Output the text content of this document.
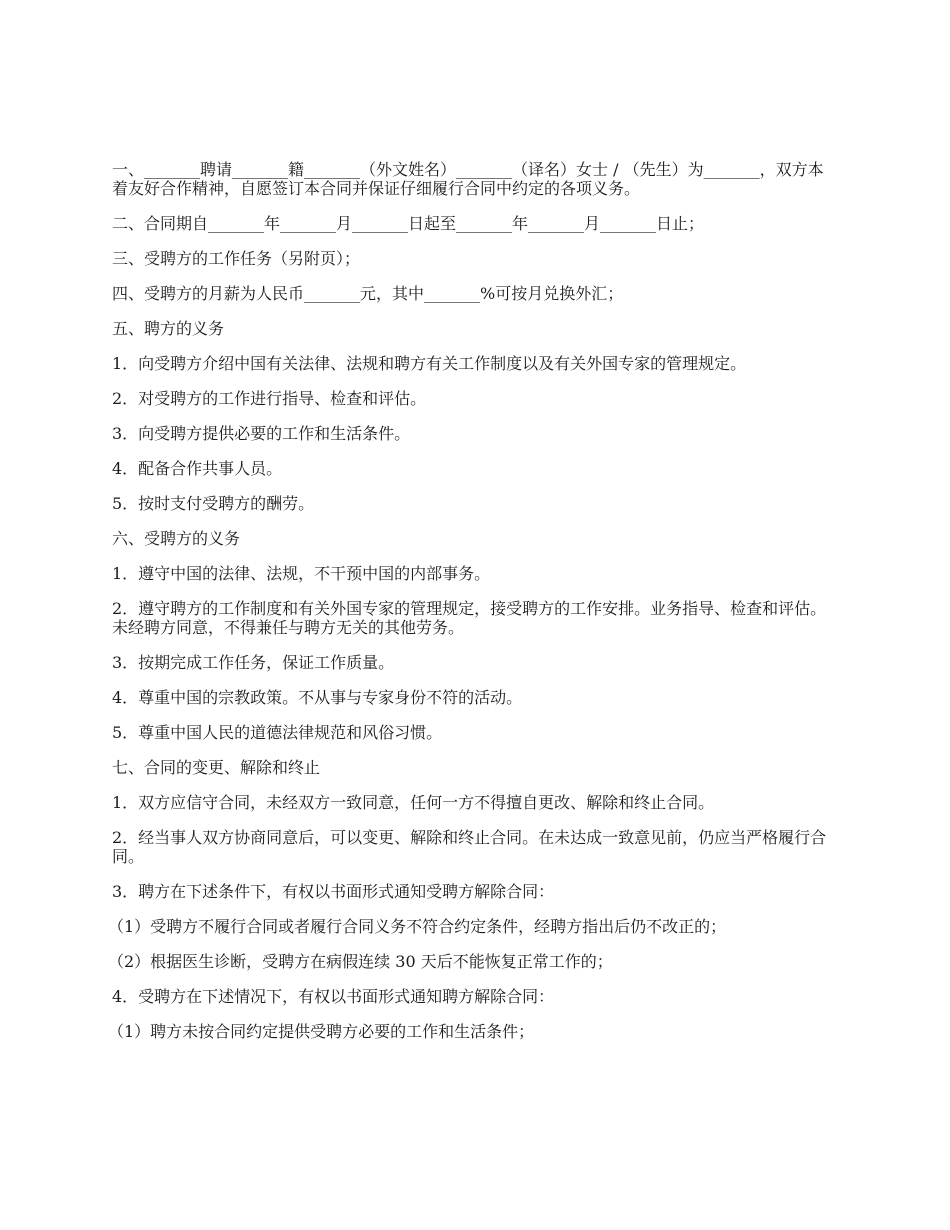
一、_______聘请_______籍_______（外文姓名）_______（译名）女士 / （先生）为_______，双方本着友好合作精神，自愿签订本合同并保证仔细履行合同中约定的各项义务。

二、合同期自_______年_______月_______日起至_______年_______月_______日止；

三、受聘方的工作任务（另附页）；

四、受聘方的月薪为人民币_______元，其中_______%可按月兑换外汇；

五、聘方的义务

1．向受聘方介绍中国有关法律、法规和聘方有关工作制度以及有关外国专家的管理规定。

2．对受聘方的工作进行指导、检查和评估。

3．向受聘方提供必要的工作和生活条件。

4．配备合作共事人员。

5．按时支付受聘方的酬劳。

六、受聘方的义务

1．遵守中国的法律、法规，不干预中国的内部事务。

2．遵守聘方的工作制度和有关外国专家的管理规定，接受聘方的工作安排。业务指导、检查和评估。未经聘方同意，不得兼任与聘方无关的其他劳务。

3．按期完成工作任务，保证工作质量。

4．尊重中国的宗教政策。不从事与专家身份不符的活动。

5．尊重中国人民的道德法律规范和风俗习惯。

七、合同的变更、解除和终止

1．双方应信守合同，未经双方一致同意，任何一方不得擅自更改、解除和终止合同。

2．经当事人双方协商同意后，可以变更、解除和终止合同。在未达成一致意见前，仍应当严格履行合同。

3．聘方在下述条件下，有权以书面形式通知受聘方解除合同：

（1）受聘方不履行合同或者履行合同义务不符合约定条件，经聘方指出后仍不改正的；

（2）根据医生诊断，受聘方在病假连续 30 天后不能恢复正常工作的；

4．受聘方在下述情况下，有权以书面形式通知聘方解除合同：

（1）聘方未按合同约定提供受聘方必要的工作和生活条件；
